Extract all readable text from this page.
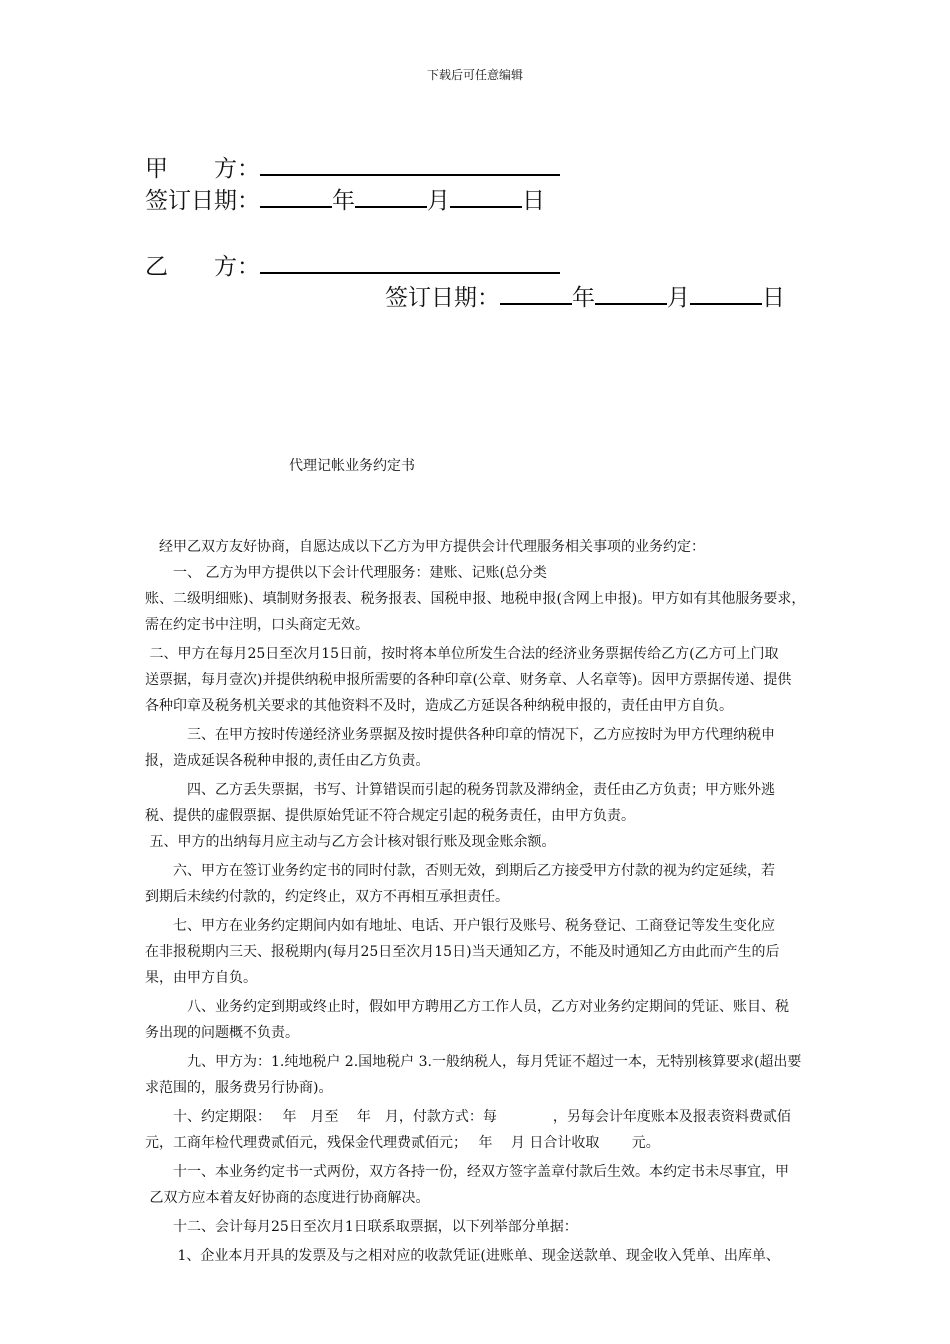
下载后可任意编辑
甲　　方：
签订日期：	年	月	日
乙　　方：
签订日期：	年	月	日
代理记帐业务约定书

　经甲乙双方友好协商，自愿达成以下乙方为甲方提供会计代理服务相关事项的业务约定：
　　一、 乙方为甲方提供以下会计代理服务：建账、记账(总分类
账、二级明细账)、填制财务报表、税务报表、国税申报、地税申报(含网上申报)。甲方如有其他服务要求，
需在约定书中注明，口头商定无效。
二、甲方在每月25日至次月15日前，按时将本单位所发生合法的经济业务票据传给乙方(乙方可上门取
送票据，每月壹次)并提供纳税申报所需要的各种印章(公章、财务章、人名章等)。因甲方票据传递、提供
各种印章及税务机关要求的其他资料不及时，造成乙方延误各种纳税申报的，责任由甲方自负。
　　　三、在甲方按时传递经济业务票据及按时提供各种印章的情况下，乙方应按时为甲方代理纳税申
报，造成延误各税种申报的,责任由乙方负责。
　　　四、乙方丢失票据，书写、计算错误而引起的税务罚款及滞纳金，责任由乙方负责；甲方账外逃
税、提供的虚假票据、提供原始凭证不符合规定引起的税务责任，由甲方负责。
五、甲方的出纳每月应主动与乙方会计核对银行账及现金账余额。
　　六、甲方在签订业务约定书的同时付款，否则无效，到期后乙方接受甲方付款的视为约定延续，若
到期后未续约付款的，约定终止，双方不再相互承担责任。
　　七、甲方在业务约定期间内如有地址、电话、开户银行及账号、税务登记、工商登记等发生变化应
在非报税期内三天、报税期内(每月25日至次月15日)当天通知乙方，不能及时通知乙方由此而产生的后
果，由甲方自负。
　　　八、业务约定到期或终止时，假如甲方聘用乙方工作人员，乙方对业务约定期间的凭证、账目、税
务出现的问题概不负责。
　　　九、甲方为：1.纯地税户 2.国地税户 3.一般纳税人，每月凭证不超过一本，无特别核算要求(超出要
求范围的，服务费另行协商)。
　　十、约定期限：　 年　月至　 年　月，付款方式：每　　　　，另每会计年度账本及报表资料费贰佰
元，工商年检代理费贰佰元，残保金代理费贰佰元；　 年　 月 日合计收取　　 元。
　　十一、本业务约定书一式两份，双方各持一份，经双方签字盖章付款后生效。本约定书未尽事宜，甲
乙双方应本着友好协商的态度进行协商解决。
　　十二、会计每月25日至次月1日联系取票据，以下列举部分单据：
　　 1、企业本月开具的发票及与之相对应的收款凭证(进账单、现金送款单、现金收入凭单、出库单、
